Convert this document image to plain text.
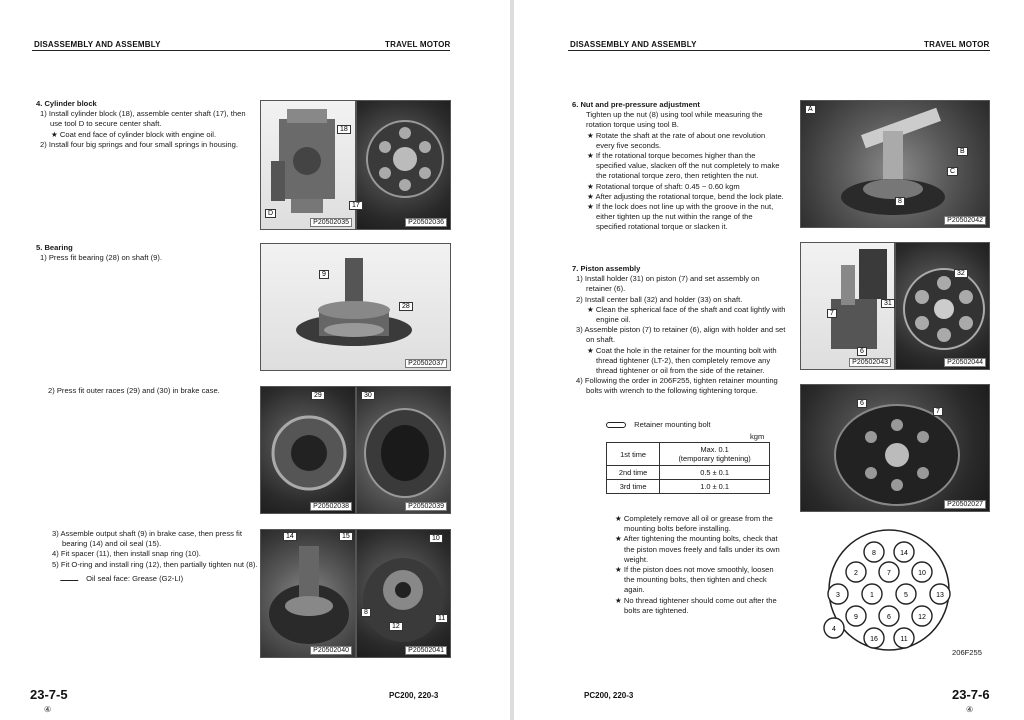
DISASSEMBLY AND ASSEMBLY	TRAVEL MOTOR
4. Cylinder block
1) Install cylinder block (18), assemble center shaft (17), then use tool D to secure center shaft.
★ Coat end face of cylinder block with engine oil.
2) Install four big springs and four small springs in housing.
18
D
P20502035
17
P20502036
5. Bearing
1) Press fit bearing (28) on shaft (9).
9
28
P20502037
2) Press fit outer races (29) and (30) in brake case.
29
P20502038
30
P20502039
3) Assemble output shaft (9) in brake case, then press fit bearing (14) and oil seal (15).
4) Fit spacer (11), then install snap ring (10).
5) Fit O-ring and install ring (12), then partially tighten nut (8).
Oil seal face: Grease (G2-LI)
14	15
P20502040
10
12
8
11
P20502041
23-7-5
④
PC200, 220-3
DISASSEMBLY AND ASSEMBLY	TRAVEL MOTOR
6. Nut and pre-pressure adjustment
Tighten up the nut (8) using tool while measuring the rotation torque using tool B.
★ Rotate the shaft at the rate of about one revolution every five seconds.
★ If the rotational torque becomes higher than the specified value, slacken off the nut completely to make the rotational torque zero, then retighten the nut.
★ Rotational torque of shaft: 0.45 ~ 0.60 kgm
★ After adjusting the rotational torque, bend the lock plate.
★ If the lock does not line up with the groove in the nut, either tighten up the nut within the range of the specified rotational torque or slacken it.
A
B
C
8
P20502042
7. Piston assembly
1) Install holder (31) on piston (7) and set assembly on retainer (6).
2) Install center ball (32) and holder (33) on shaft.
★ Clean the spherical face of the shaft and coat lightly with engine oil.
3) Assemble piston (7) to retainer (6), align with holder and set on shaft.
★ Coat the hole in the retainer for the mounting bolt with thread tightener (LT-2), then completely remove any thread tightener or oil from the side of the retainer.
4) Following the order in 206F255, tighten retainer mounting bolts with wrench to the following tightening torque.
Retainer mounting bolt
kgm
1st time	Max. 0.1
(temporary tightening)
2nd time	0.5 ± 0.1
3rd time	1.0 ± 0.1
★ Completely remove all oil or grease from the mounting bolts before installing.
★ After tightening the mounting bolts, check that the piston moves freely and falls under its own weight.
★ If the piston does not move smoothly, loosen the mounting bolts, then tighten and check again.
★ No thread tightener should come out after the bolts are tightened.
7
31
6
P20502043
32
P20502044
6
7
P20502027
8	14
2	7	10
3	1	5	13
9	6	12
4
16	11
206F255
PC200, 220-3	23-7-6
④
